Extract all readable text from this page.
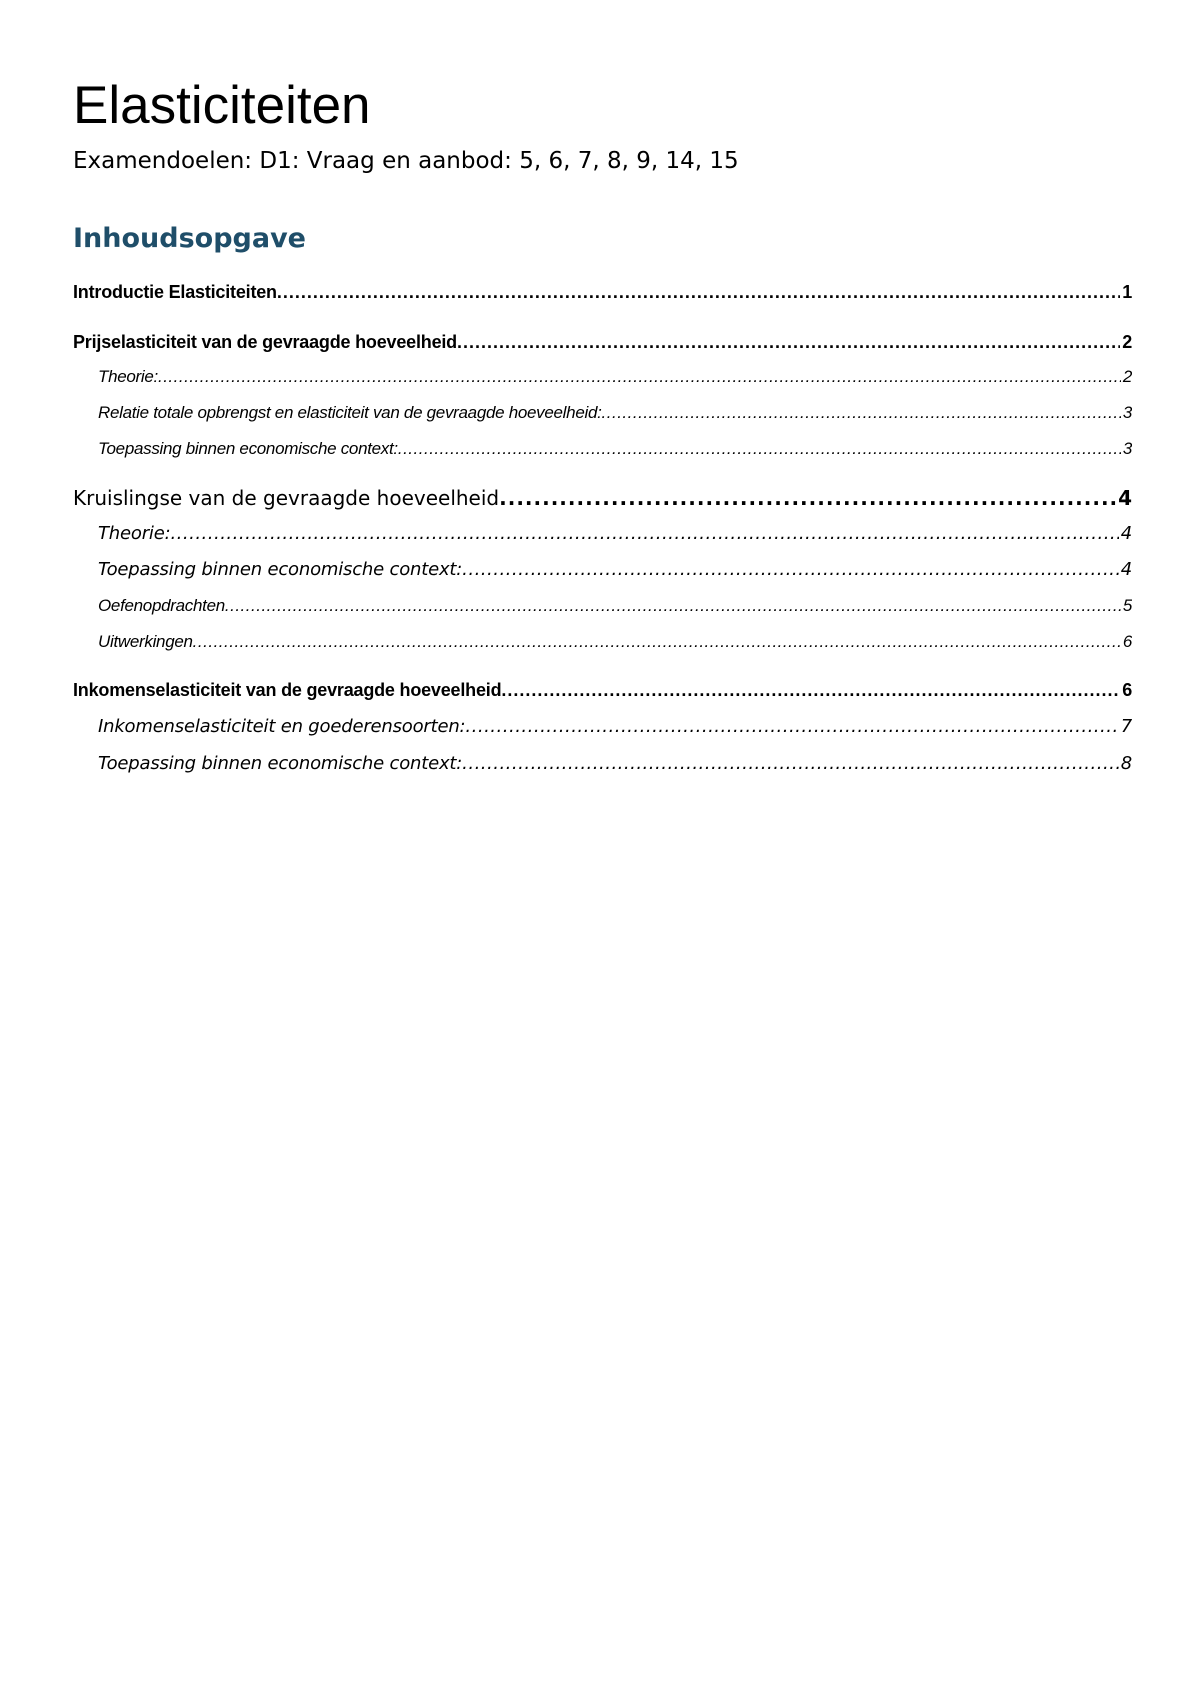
Elasticiteiten

Examendoelen: D1: Vraag en aanbod: 5, 6, 7, 8, 9, 14, 15

Inhoudsopgave
Introductie Elasticiteiten .....	1
Prijselasticiteit van de gevraagde hoeveelheid .....	2
Theorie: .....	2
Relatie totale opbrengst en elasticiteit van de gevraagde hoeveelheid: .....	3
Toepassing binnen economische context: .....	3
Kruislingse van de gevraagde hoeveelheid .....	4
Theorie: .....	4
Toepassing binnen economische context: .....	4
Oefenopdrachten .....	5
Uitwerkingen .....	6
Inkomenselasticiteit van de gevraagde hoeveelheid .....	6
Inkomenselasticiteit en goederensoorten: .....	7
Toepassing binnen economische context: .....	8
